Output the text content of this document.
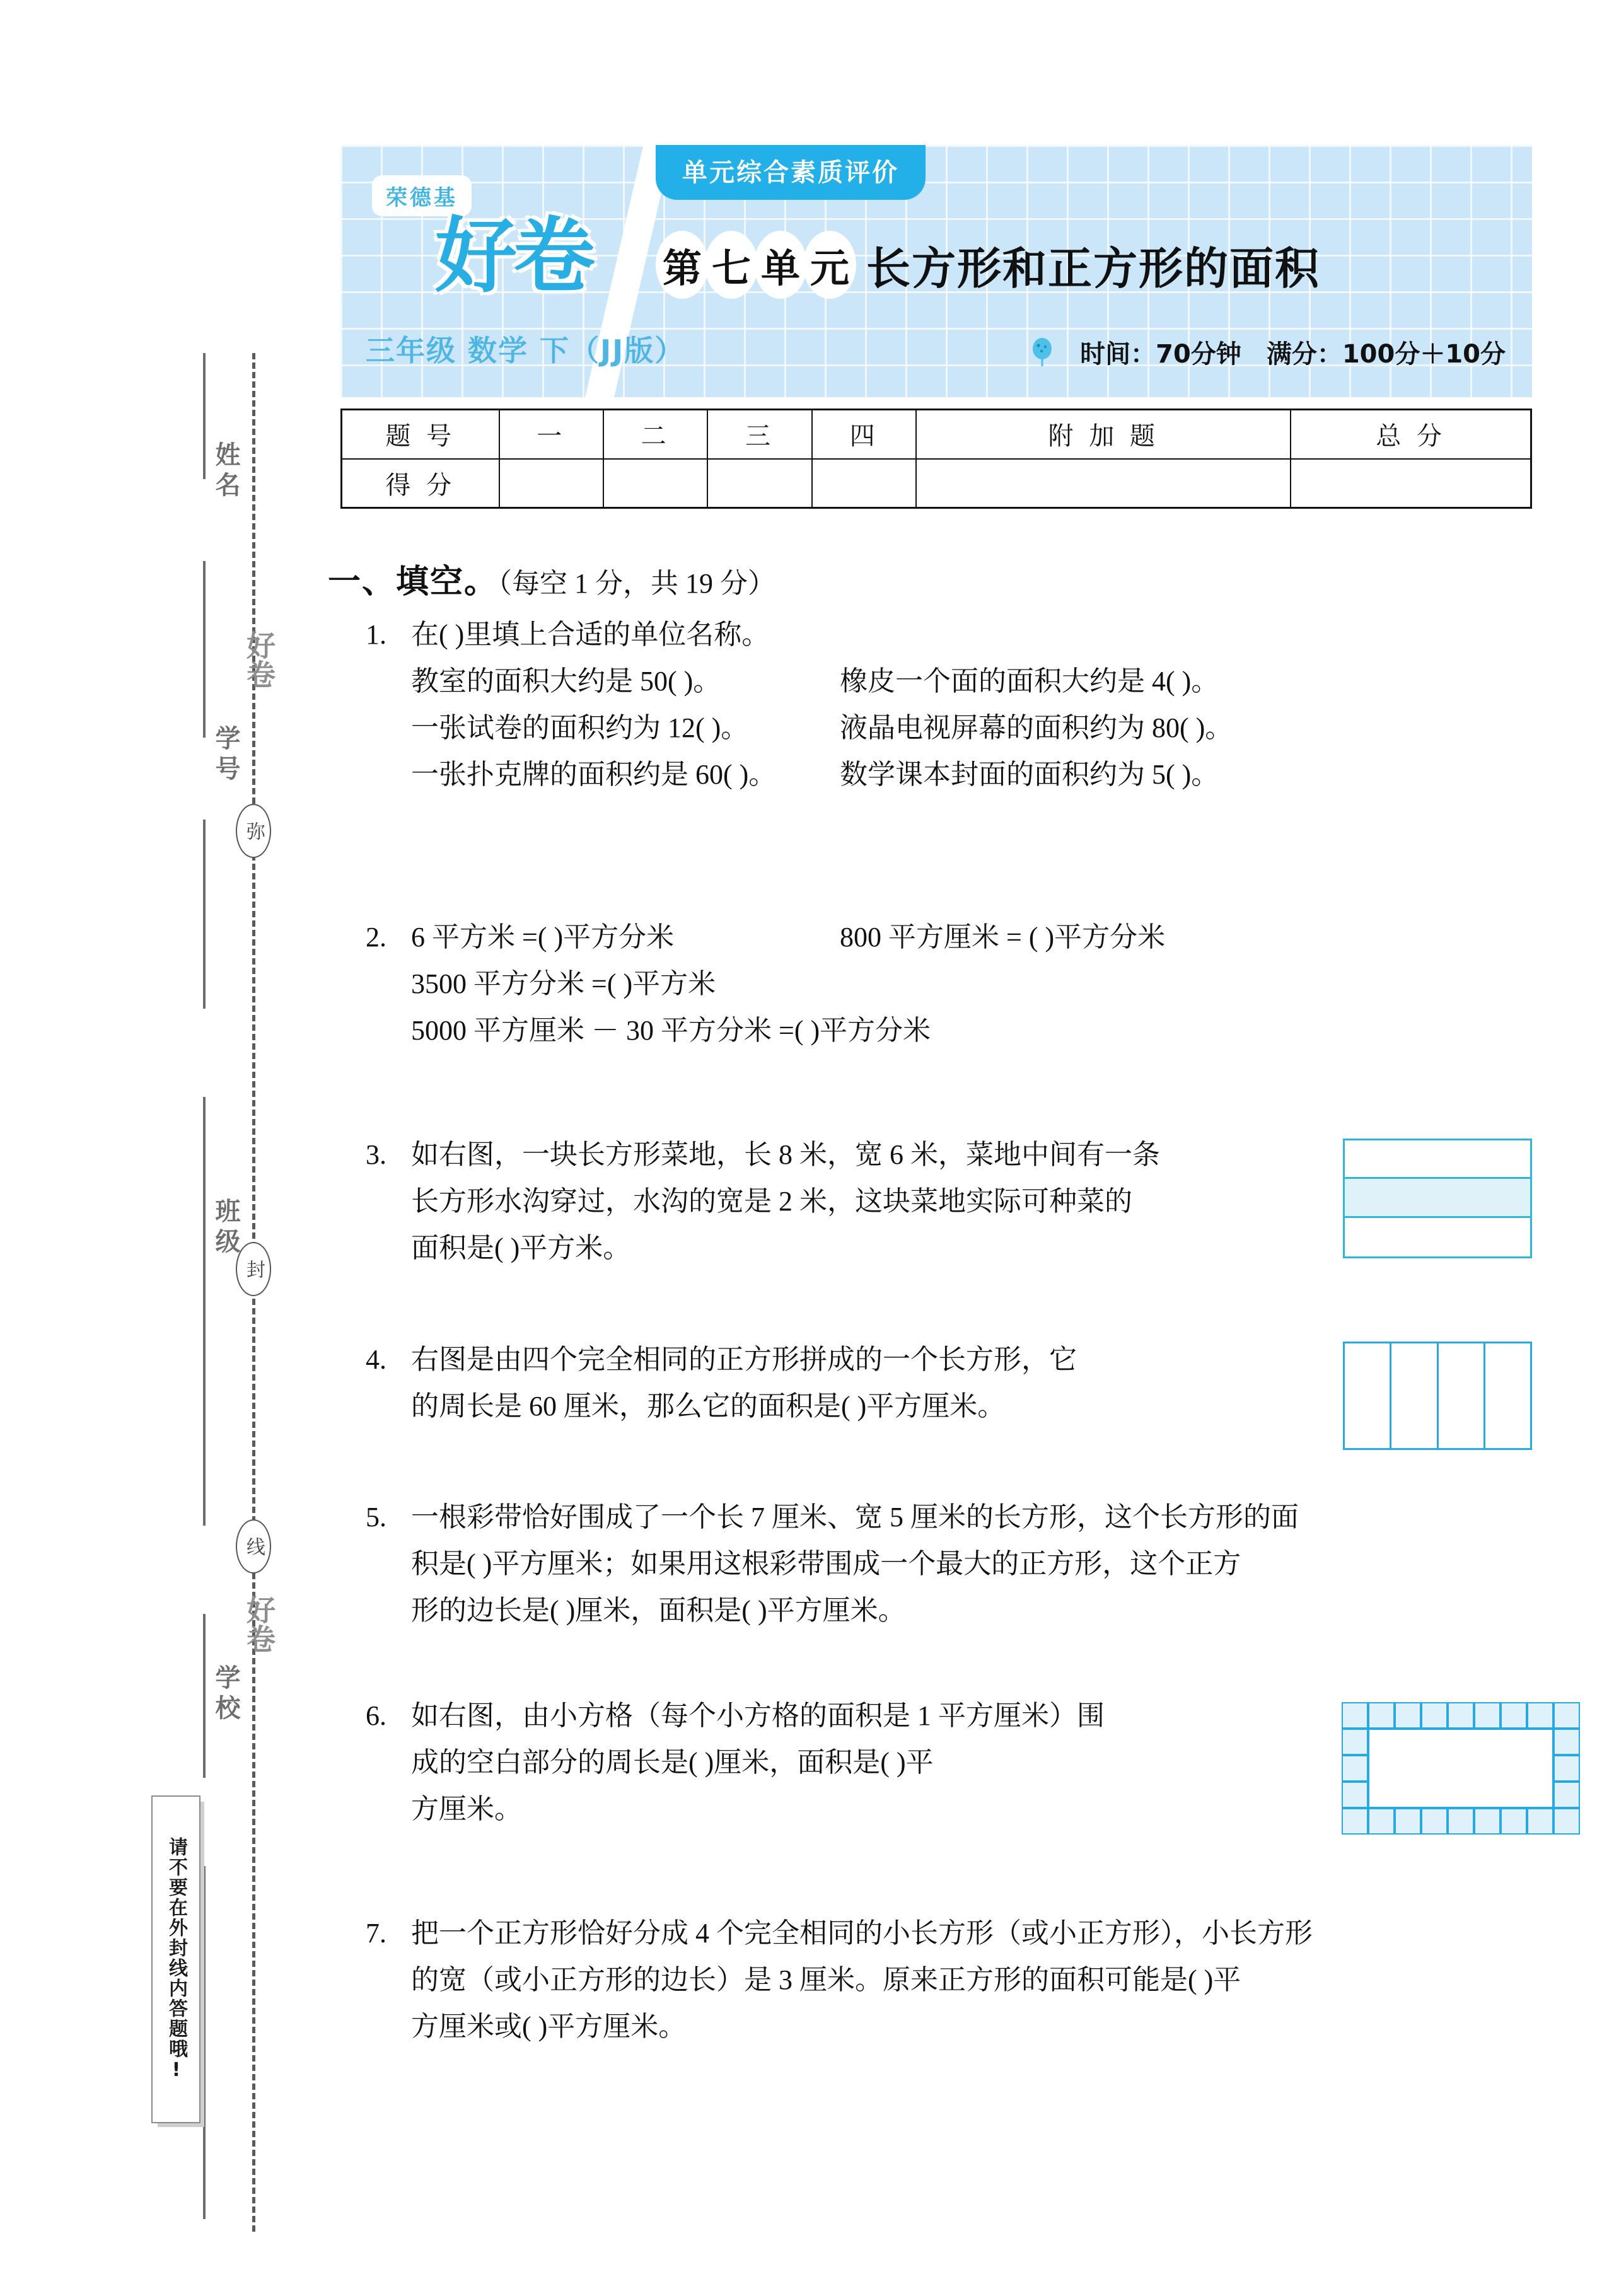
姓名
学号
班级
学校
弥
封
线
好卷
好卷
请不要在外封线内答题哦!
荣德基
好卷
三年级 数学 下（JJ版）
单元综合素质评价
第 七 单 元 长方形和正方形的面积
时间：70分钟 满分：100分＋10分
题 号	一	二	三	四	附 加 题	总 分
得 分						
一、填空。（每空 1 分，共 19 分）
1. 在( )里填上合适的单位名称。
教室的面积大约是 50( )。	橡皮一个面的面积大约是 4( )。
一张试卷的面积约为 12( )。	液晶电视屏幕的面积约为 80( )。
一张扑克牌的面积约是 60( )。 数学课本封面的面积约为 5( )。
2. 6 平方米 =( )平方分米	800 平方厘米 = ( )平方分米
3500 平方分米 =( )平方米
5000 平方厘米 － 30 平方分米 =( )平方分米
3. 如右图，一块长方形菜地，长 8 米，宽 6 米，菜地中间有一条
长方形水沟穿过，水沟的宽是 2 米，这块菜地实际可种菜的
面积是( )平方米。
4. 右图是由四个完全相同的正方形拼成的一个长方形，它
的周长是 60 厘米，那么它的面积是( )平方厘米。
5. 一根彩带恰好围成了一个长 7 厘米、宽 5 厘米的长方形，这个长方形的面
积是( )平方厘米；如果用这根彩带围成一个最大的正方形，这个正方
形的边长是( )厘米，面积是( )平方厘米。
6. 如右图，由小方格（每个小方格的面积是 1 平方厘米）围
成的空白部分的周长是( )厘米，面积是( )平
方厘米。
7. 把一个正方形恰好分成 4 个完全相同的小长方形（或小正方形），小长方形
的宽（或小正方形的边长）是 3 厘米。原来正方形的面积可能是( )平
方厘米或( )平方厘米。
